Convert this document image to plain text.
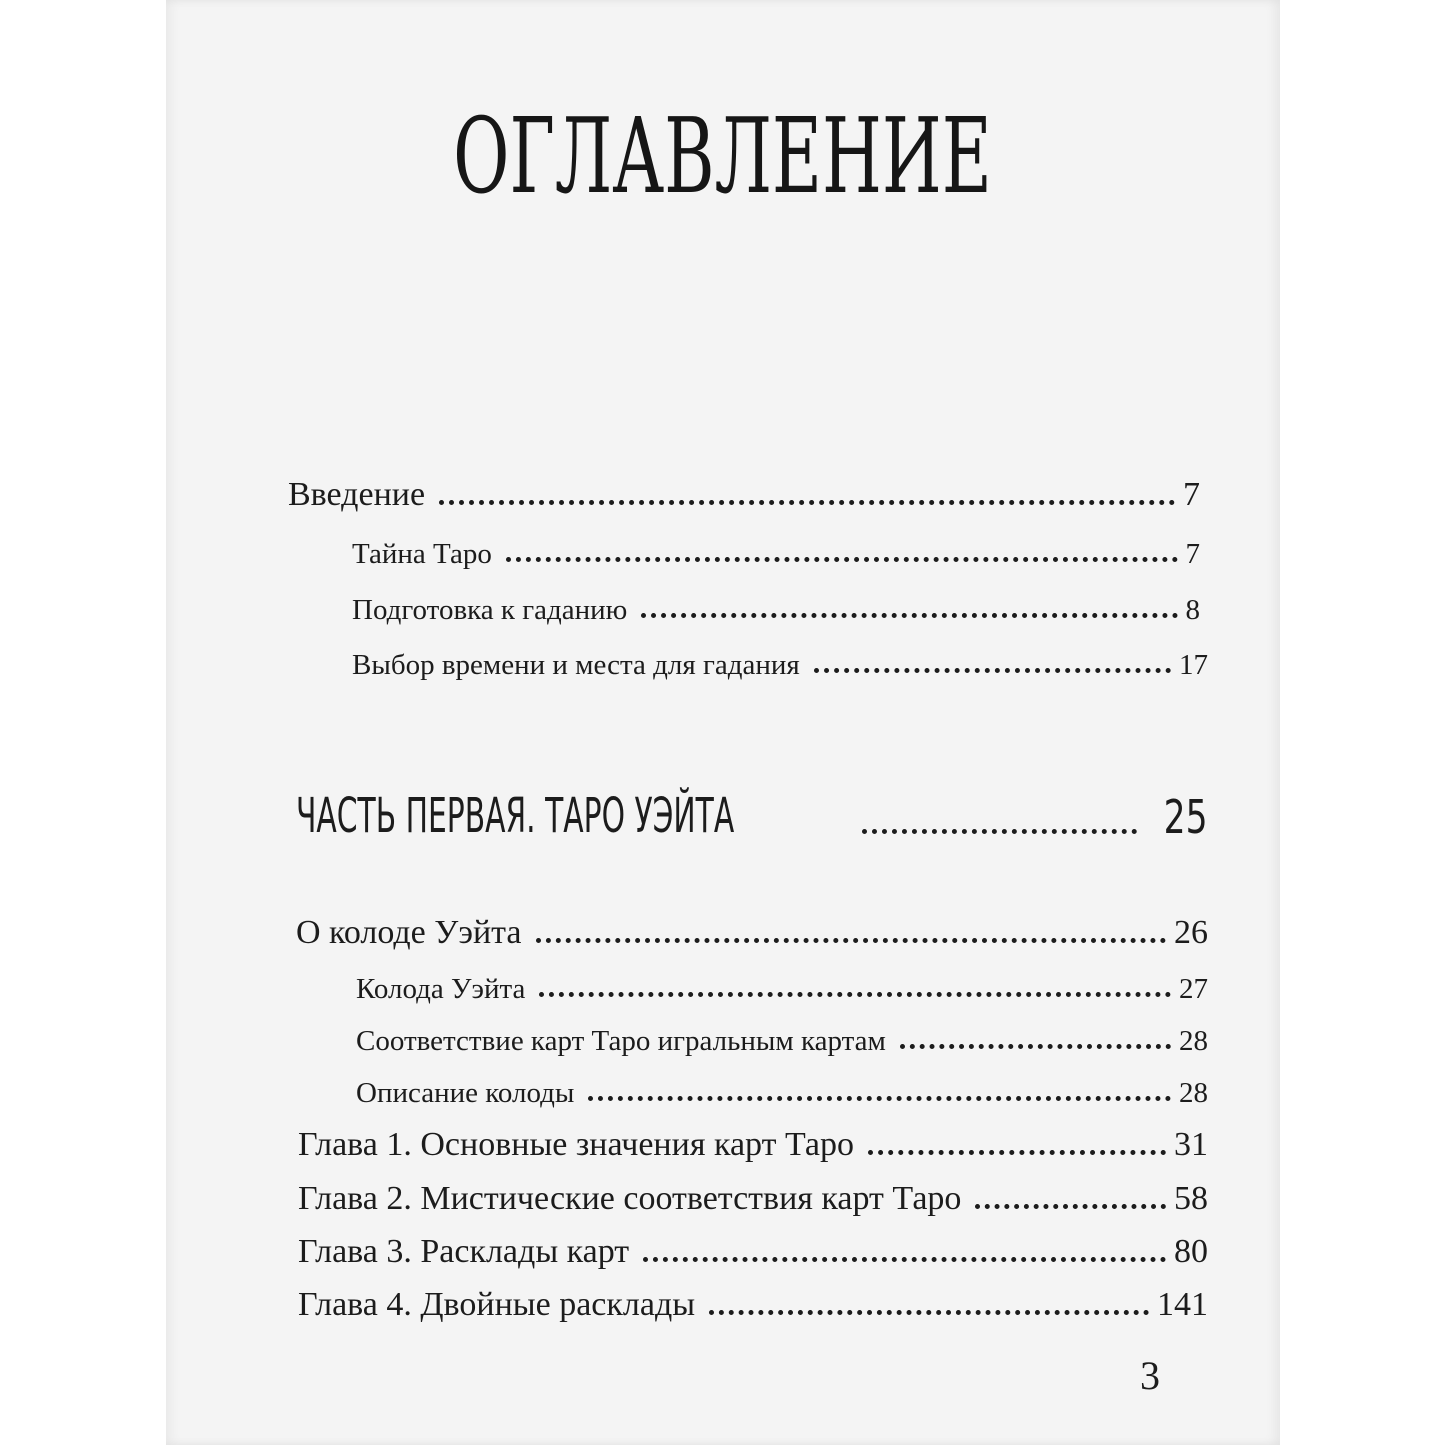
ОГЛАВЛЕНИЕ
Введение	7
Тайна Таро	7
Подготовка к гаданию	8
Выбор времени и места для гадания	17
ЧАСТЬ ПЕРВАЯ. ТАРО УЭЙТА	25
О колоде Уэйта	26
Колода Уэйта	27
Соответствие карт Таро игральным картам	28
Описание колоды	28
Глава 1. Основные значения карт Таро	31
Глава 2. Мистические соответствия карт Таро	58
Глава 3. Расклады карт	80
Глава 4. Двойные расклады	141
3
